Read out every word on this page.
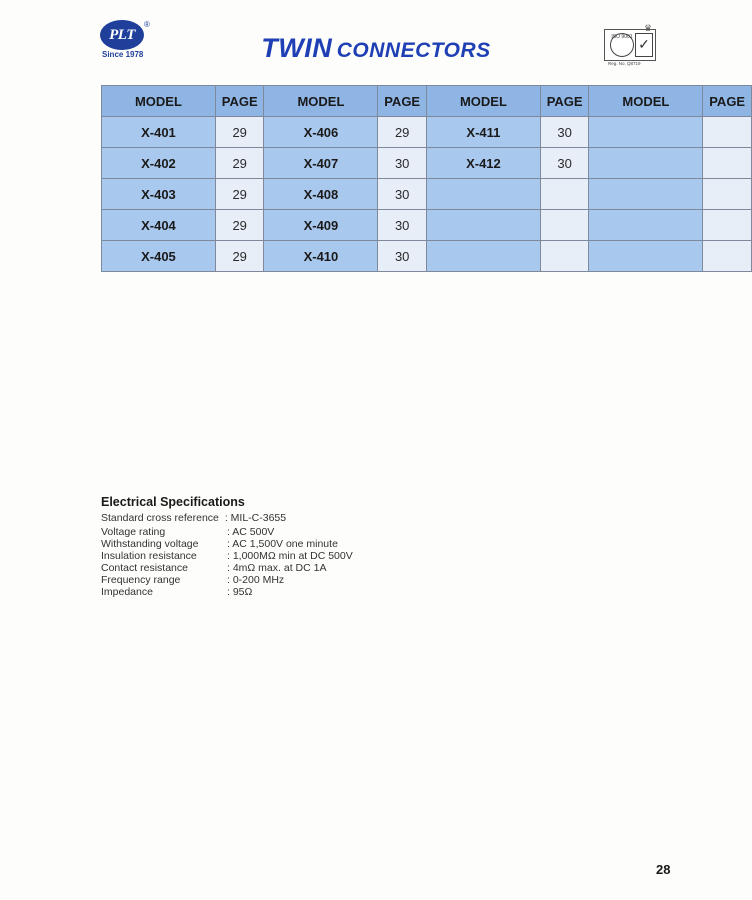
PLT
®
Since 1978	TWIN CONNECTORS
ISO 9001 ✓
♛
Reg. No. Q8719
MODEL	PAGE	MODEL	PAGE	MODEL	PAGE	MODEL	PAGE
X-401	29	X-406	29	X-411	30		
X-402	29	X-407	30	X-412	30		
X-403	29	X-408	30				
X-404	29	X-409	30				
X-405	29	X-410	30				
Electrical Specifications
Standard cross reference : MIL-C-3655
Voltage rating	: AC 500V
Withstanding voltage	: AC 1,500V one minute
Insulation resistance	: 1,000MΩ min at DC 500V
Contact resistance	: 4mΩ max. at DC 1A
Frequency range	: 0-200 MHz
Impedance	: 95Ω
28
